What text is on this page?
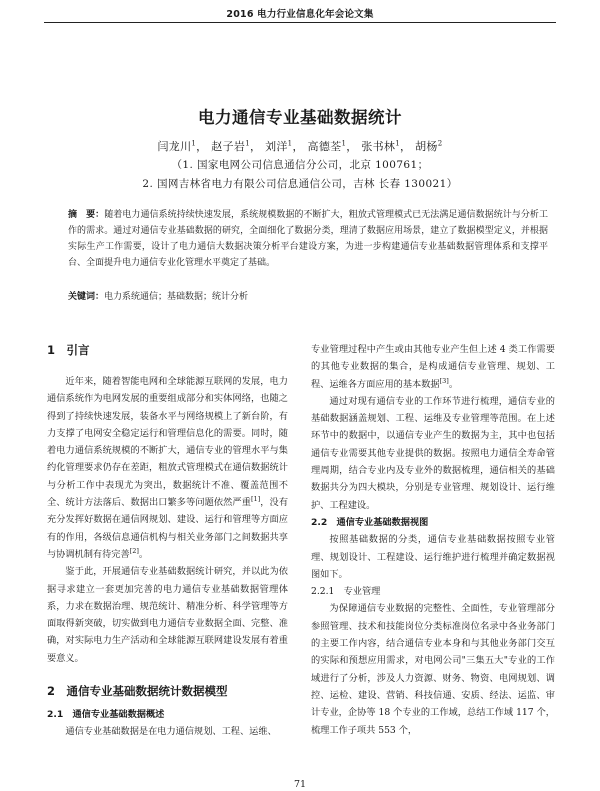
2016 电力行业信息化年会论文集
电力通信专业基础数据统计
闫龙川$^1$， 赵子岩$^1$， 刘洋$^1$， 高德荃$^1$， 张书林$^1$， 胡杨$^2$
（1. 国家电网公司信息通信分公司，北京 100761；
2. 国网吉林省电力有限公司信息通信公司，吉林 长春 130021）
摘　要：随着电力通信系统持续快速发展，系统规模数据的不断扩大，粗放式管理模式已无法满足通信数据统计与分析工作的需求。通过对通信专业基础数据的研究，全面细化了数据分类，理清了数据应用场景，建立了数据模型定义，并根据实际生产工作需要，设计了电力通信大数据决策分析平台建设方案，为进一步构建通信专业基础数据管理体系和支撑平台、全面提升电力通信专业化管理水平奠定了基础。
关键词：电力系统通信；基础数据；统计分析
1　引言

近年来，随着智能电网和全球能源互联网的发展，电力通信系统作为电网发展的重要组成部分和实体网络，也随之得到了持续快速发展，装备水平与网络规模上了新台阶，有力支撑了电网安全稳定运行和管理信息化的需要。同时，随着电力通信系统规模的不断扩大，通信专业的管理水平与集约化管理要求仍存在差距，粗放式管理模式在通信数据统计与分析工作中表现尤为突出，数据统计不准、覆盖范围不全、统计方法落后、数据出口繁多等问题依然严重[1]，没有充分发挥好数据在通信网规划、建设、运行和管理等方面应有的作用，各级信息通信机构与相关业务部门之间数据共享与协调机制有待完善[2]。

鉴于此，开展通信专业基础数据统计研究，并以此为依据寻求建立一套更加完善的电力通信专业基础数据管理体系，力求在数据治理、规范统计、精准分析、科学管理等方面取得新突破，切实做到电力通信专业数据全面、完整、准确，对实际电力生产活动和全球能源互联网建设发展有着重要意义。

2　通信专业基础数据统计数据模型
2.1　通信专业基础数据概述

通信专业基础数据是在电力通信规划、工程、运维、

专业管理过程中产生或由其他专业产生但上述 4 类工作需要的其他专业数据的集合，是构成通信专业管理、规划、工程、运维各方面应用的基本数据[3]。

通过对现有通信专业的工作环节进行梳理，通信专业的基础数据涵盖规划、工程、运维及专业管理等范围。在上述环节中的数据中，以通信专业产生的数据为主，其中也包括通信专业需要其他专业提供的数据。按照电力通信全寿命管理周期，结合专业内及专业外的数据梳理，通信相关的基础数据共分为四大模块，分别是专业管理、规划设计、运行维护、工程建设。

2.2　通信专业基础数据视图

按照基础数据的分类，通信专业基础数据按照专业管理、规划设计、工程建设、运行维护进行梳理并确定数据视图如下。

2.2.1　专业管理

为保障通信专业数据的完整性、全面性，专业管理部分参照管理、技术和技能岗位分类标准岗位名录中各业务部门的主要工作内容，结合通信专业本身和与其他业务部门交互的实际和预想应用需求，对电网公司"三集五大"专业的工作域进行了分析，涉及人力资源、财务、物资、电网规划、调控、运检、建设、营销、科技信通、安质、经法、运监、审计专业，企协等 18 个专业的工作域，总结工作域 117 个，梳理工作子项共 553 个，

71
